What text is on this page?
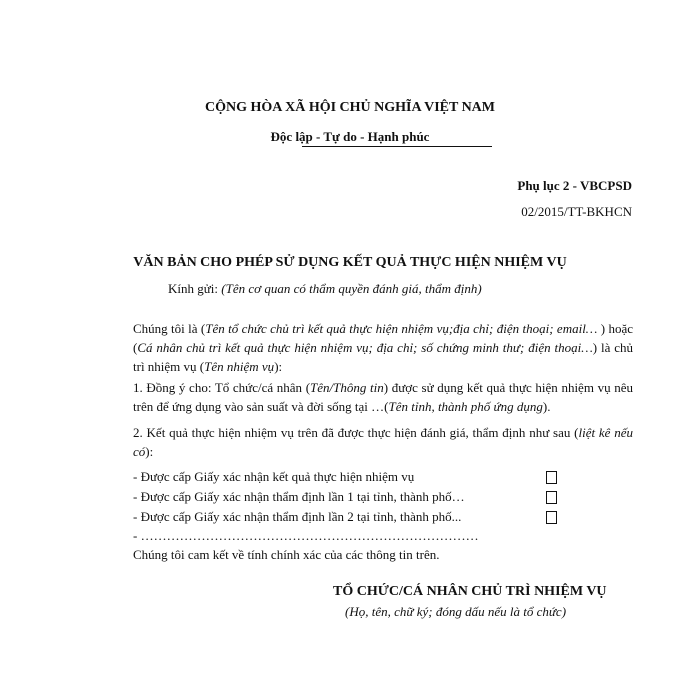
CỘNG HÒA XÃ HỘI CHỦ NGHĨA VIỆT NAM
Độc lập - Tự do - Hạnh phúc
Phụ lục 2 - VBCPSD
02/2015/TT-BKHCN
VĂN BẢN CHO PHÉP SỬ DỤNG KẾT QUẢ THỰC HIỆN NHIỆM VỤ
Kính gửi: (Tên cơ quan có thẩm quyền đánh giá, thẩm định)
Chúng tôi là (Tên tổ chức chủ trì kết quả thực hiện nhiệm vụ;địa chỉ; điện thoại; email… ) hoặc (Cá nhân chủ trì kết quả thực hiện nhiệm vụ; địa chỉ; số chứng minh thư; điện thoại…) là chủ trì nhiệm vụ (Tên nhiệm vụ):
1. Đồng ý cho: Tổ chức/cá nhân (Tên/Thông tin) được sử dụng kết quả thực hiện nhiệm vụ nêu trên để ứng dụng vào sản suất và đời sống tại …(Tên tỉnh, thành phố ứng dụng).
2. Kết quả thực hiện nhiệm vụ trên đã được thực hiện đánh giá, thẩm định như sau (liệt kê nếu có):
- Được cấp Giấy xác nhận kết quả thực hiện nhiệm vụ
- Được cấp Giấy xác nhận thẩm định lần 1 tại tỉnh, thành phố…
- Được cấp Giấy xác nhận thẩm định lần 2 tại tỉnh, thành phố...
- ……………………………………………………………………
Chúng tôi cam kết về tính chính xác của các thông tin trên.
TỔ CHỨC/CÁ NHÂN CHỦ TRÌ NHIỆM VỤ
(Họ, tên, chữ ký; đóng dấu nếu là tổ chức)
